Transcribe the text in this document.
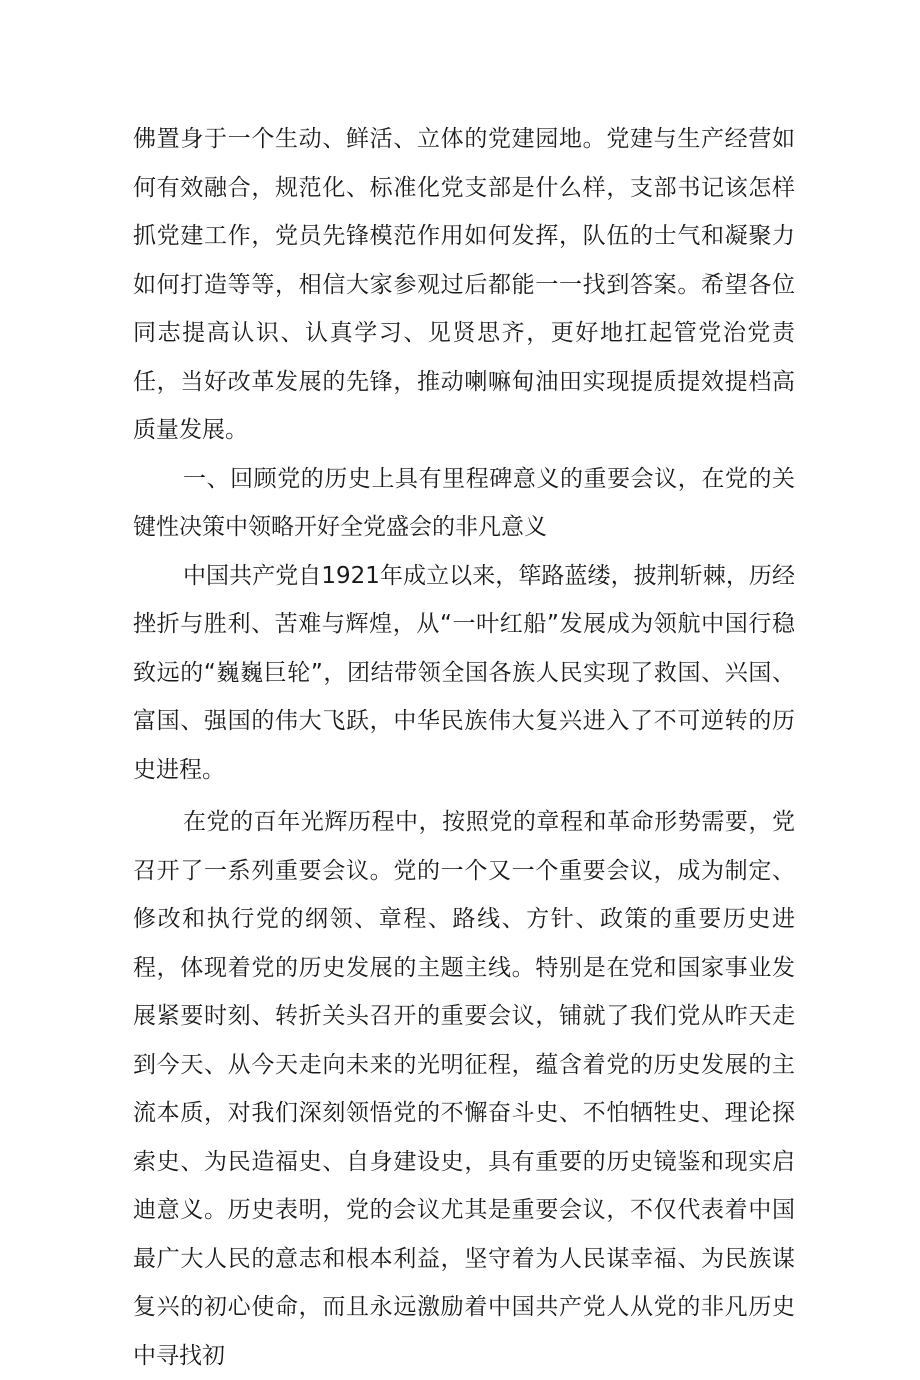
佛置身于一个生动、鲜活、立体的党建园地。党建与生产经营如何有效融合，规范化、标准化党支部是什么样，支部书记该怎样抓党建工作，党员先锋模范作用如何发挥，队伍的士气和凝聚力如何打造等等，相信大家参观过后都能一一找到答案。希望各位同志提高认识、认真学习、见贤思齐，更好地扛起管党治党责任，当好改革发展的先锋，推动喇嘛甸油田实现提质提效提档高质量发展。

一、回顾党的历史上具有里程碑意义的重要会议，在党的关键性决策中领略开好全党盛会的非凡意义

中国共产党自1921年成立以来，筚路蓝缕，披荆斩棘，历经挫折与胜利、苦难与辉煌，从“一叶红船”发展成为领航中国行稳致远的“巍巍巨轮”，团结带领全国各族人民实现了救国、兴国、富国、强国的伟大飞跃，中华民族伟大复兴进入了不可逆转的历史进程。

在党的百年光辉历程中，按照党的章程和革命形势需要，党召开了一系列重要会议。党的一个又一个重要会议，成为制定、修改和执行党的纲领、章程、路线、方针、政策的重要历史进程，体现着党的历史发展的主题主线。特别是在党和国家事业发展紧要时刻、转折关头召开的重要会议，铺就了我们党从昨天走到今天、从今天走向未来的光明征程，蕴含着党的历史发展的主流本质，对我们深刻领悟党的不懈奋斗史、不怕牺牲史、理论探索史、为民造福史、自身建设史，具有重要的历史镜鉴和现实启迪意义。历史表明，党的会议尤其是重要会议，不仅代表着中国最广大人民的意志和根本利益，坚守着为人民谋幸福、为民族谋复兴的初心使命，而且永远激励着中国共产党人从党的非凡历史中寻找初
